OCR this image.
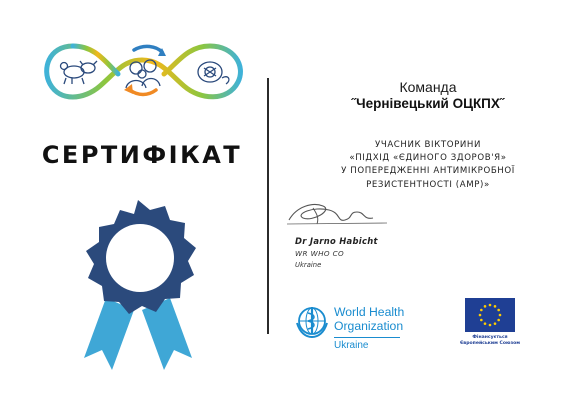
СЕРТИФІКАТ
Команда
˝Чернівецький ОЦКПХ˝
УЧАСНИК ВІКТОРИНИ
«ПІДХІД «ЄДИНОГО ЗДОРОВ'Я»
У ПОПЕРЕДЖЕННІ АНТИМІКРОБНОЇ
РЕЗИСТЕНТНОСТІ (АМР)»
Dr Jarno Habicht
WR WHO CO
Ukraine
World Health
Organization
Ukraine
Фінансується
Європейським Союзом
